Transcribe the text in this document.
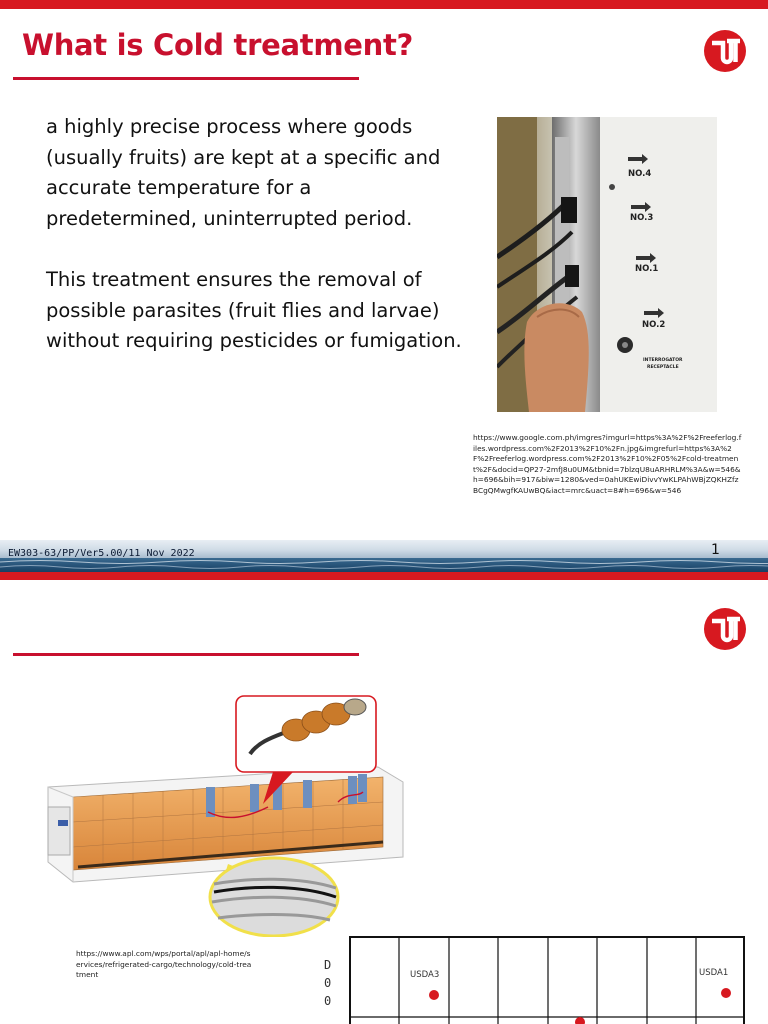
What is Cold treatment?

a highly precise process where goods (usually fruits) are kept at a specific and accurate temperature for a predetermined, uninterrupted period.

This treatment ensures the removal of possible parasites (fruit flies and larvae) without requiring pesticides or fumigation.

NO.4
NO.3
NO.1
NO.2
INTERROGATOR
RECEPTACLE
https://www.google.com.ph/imgres?imgurl=https%3A%2F%2Freeferlog.files.wordpress.com%2F2013%2F10%2Fn.jpg&imgrefurl=https%3A%2F%2Freeferlog.wordpress.com%2F2013%2F10%2F05%2Fcold-treatment%2F&docid=QP27-2mfJ8u0UM&tbnid=7blzqU8uARHRLM%3A&w=546&h=696&bih=917&biw=1280&ved=0ahUKEwiDivvYwKLPAhWBjZQKHZfzBCgQMwgfKAUwBQ&iact=mrc&uact=8#h=696&w=546
EW303-63/PP/Ver5.00/11 Nov 2022	1
https://www.apl.com/wps/portal/apl/apl-home/services/refrigerated-cargo/technology/cold-treatment
D
0
0
USDA3	USDA1
